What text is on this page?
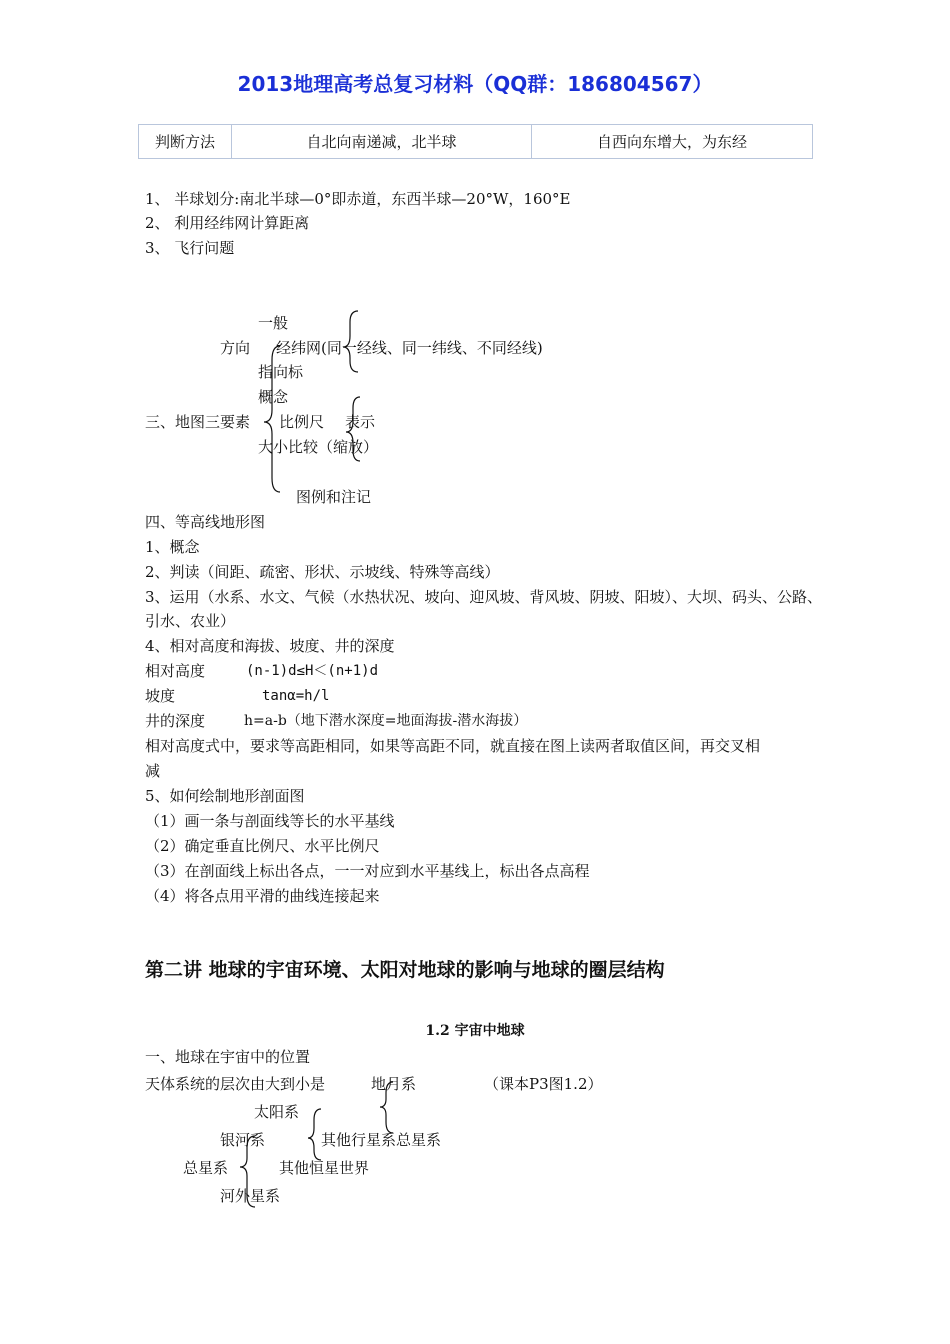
2013地理高考总复习材料（QQ群：186804567）
判断方法	自北向南递减，北半球	自西向东增大，为东经
1、 半球划分:南北半球—0°即赤道，东西半球—20°W，160°E
2、 利用经纬网计算距离
3、 飞行问题
一般
方向 经纬网(同一经线、同一纬线、不同经线)
指向标
概念
三、地图三要素 比例尺 表示
大小比较（缩放）
图例和注记
四、等高线地形图
1、概念
2、判读（间距、疏密、形状、示坡线、特殊等高线）
3、运用（水系、水文、气候（水热状况、坡向、迎风坡、背风坡、阴坡、阳坡）、大坝、码头、公路、
引水、农业）
4、相对高度和海拔、坡度、井的深度
相对高度	(n-1)d≤H＜(n+1)d
坡度	tanα=h/l
井的深度	h=a-b（地下潜水深度=地面海拔-潜水海拔）
相对高度式中，要求等高距相同，如果等高距不同，就直接在图上读两者取值区间，再交叉相
减
5、如何绘制地形剖面图
（1）画一条与剖面线等长的水平基线
（2）确定垂直比例尺、水平比例尺
（3）在剖面线上标出各点，一一对应到水平基线上，标出各点高程
（4）将各点用平滑的曲线连接起来
第二讲 地球的宇宙环境、太阳对地球的影响与地球的圈层结构
1.2 宇宙中地球
一、地球在宇宙中的位置
天体系统的层次由大到小是	地月系	（课本P3图1.2）
太阳系
银河系	其他行星系总星系
总星系	其他恒星世界
河外星系
